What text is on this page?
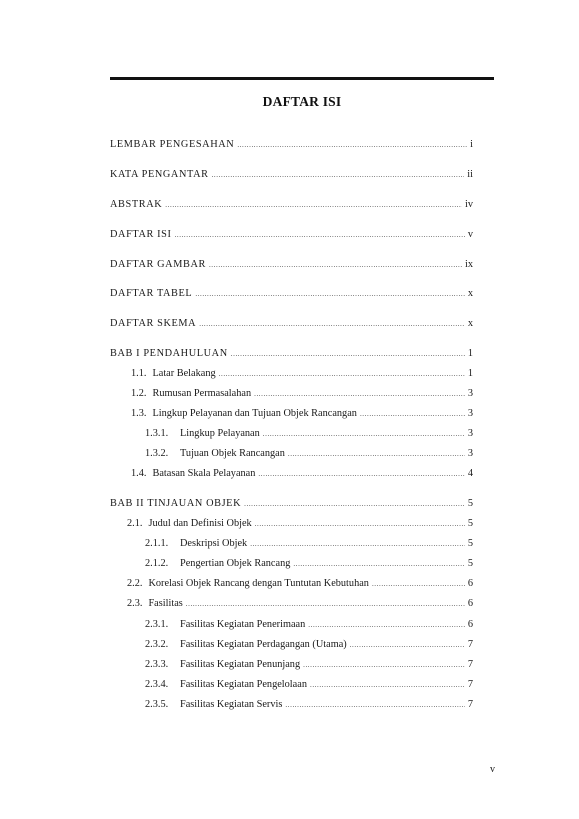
DAFTAR ISI
LEMBAR PENGESAHAN .....	i
KATA PENGANTAR .....	ii
ABSTRAK .....	iv
DAFTAR ISI .....	v
DAFTAR GAMBAR .....	ix
DAFTAR TABEL .....	x
DAFTAR SKEMA .....	x
BAB I PENDAHULUAN .....	1
1.1. Latar Belakang .....	1
1.2. Rumusan Permasalahan .....	3
1.3. Lingkup Pelayanan dan Tujuan Objek Rancangan .....	3
1.3.1.	Lingkup Pelayanan .....	3
1.3.2.	Tujuan Objek Rancangan .....	3
1.4. Batasan Skala Pelayanan .....	4
BAB II TINJAUAN OBJEK .....	5
2.1. Judul dan Definisi Objek .....	5
2.1.1.	Deskripsi Objek .....	5
2.1.2.	Pengertian Objek Rancang .....	5
2.2. Korelasi Objek Rancang dengan Tuntutan Kebutuhan .....	6
2.3. Fasilitas .....	6
2.3.1.	Fasilitas Kegiatan Penerimaan .....	6
2.3.2.	Fasilitas Kegiatan Perdagangan (Utama) .....	7
2.3.3.	Fasilitas Kegiatan Penunjang .....	7
2.3.4.	Fasilitas Kegiatan Pengelolaan .....	7
2.3.5.	Fasilitas Kegiatan Servis .....	7
v
